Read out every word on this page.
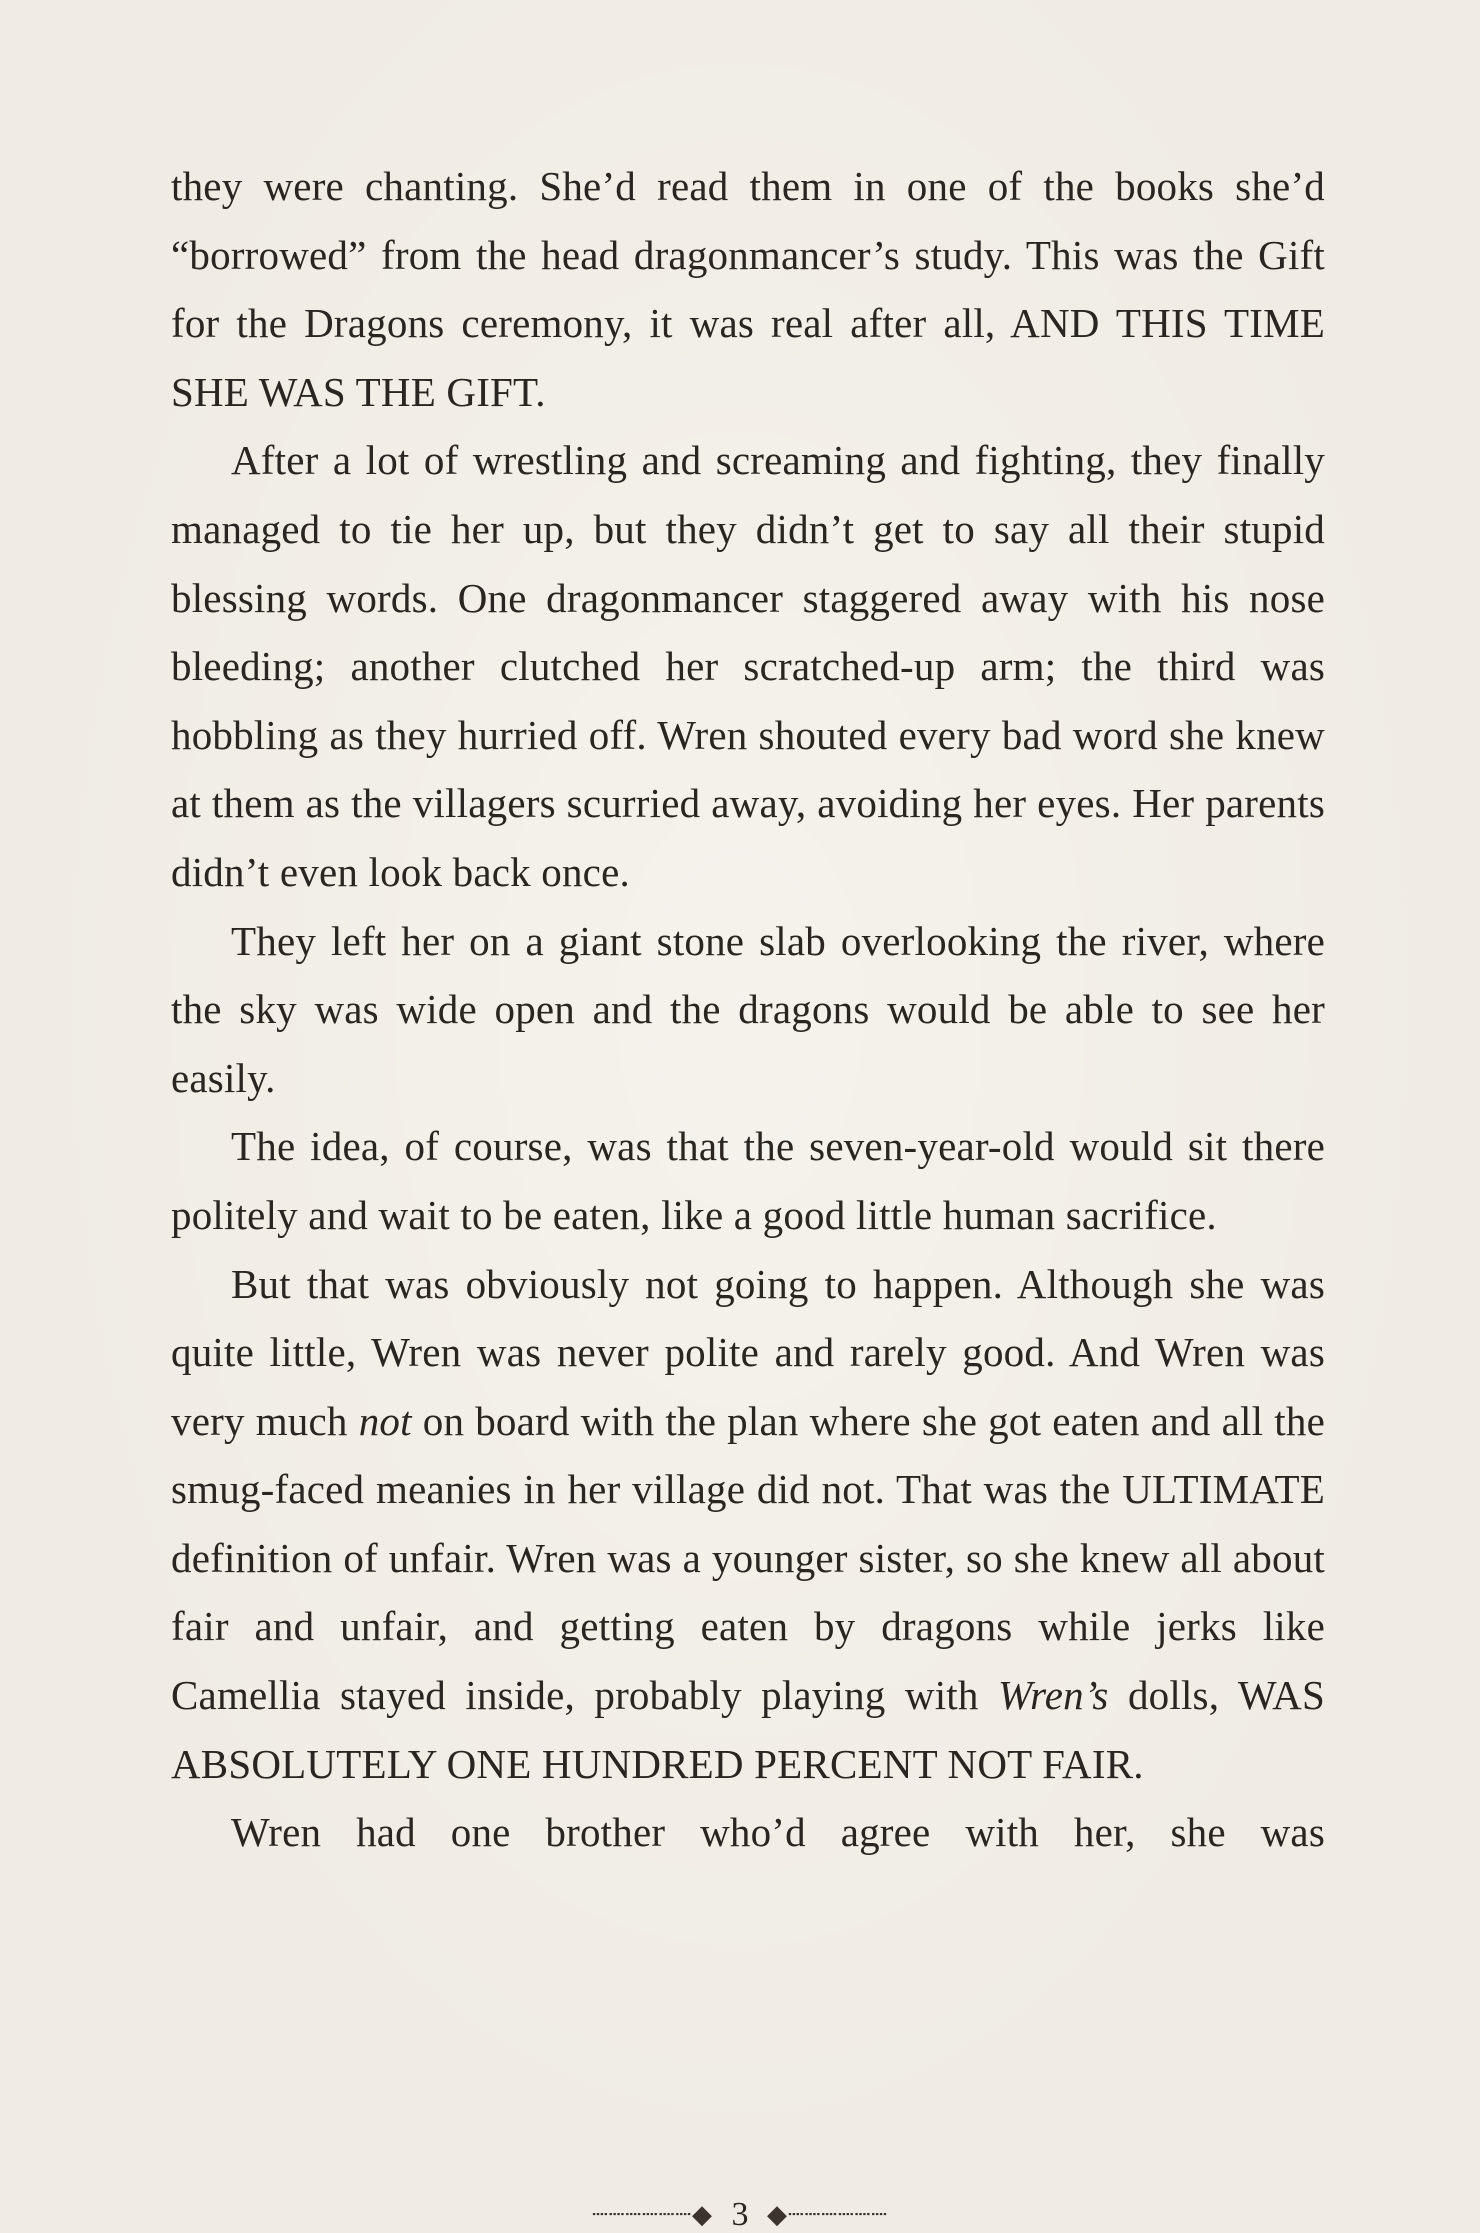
they were chanting. She’d read them in one of the books she’d “borrowed” from the head dragonmancer’s study. This was the Gift for the Dragons ceremony, it was real after all, AND THIS TIME SHE WAS THE GIFT.

After a lot of wrestling and screaming and fighting, they finally managed to tie her up, but they didn’t get to say all their stupid blessing words. One dragonmancer staggered away with his nose bleeding; another clutched her scratched-up arm; the third was hobbling as they hurried off. Wren shouted every bad word she knew at them as the villagers scurried away, avoiding her eyes. Her parents didn’t even look back once.

They left her on a giant stone slab overlooking the river, where the sky was wide open and the dragons would be able to see her easily.

The idea, of course, was that the seven-year-old would sit there politely and wait to be eaten, like a good little human sacrifice.

But that was obviously not going to happen. Although she was quite little, Wren was never polite and rarely good. And Wren was very much not on board with the plan where she got eaten and all the smug-faced meanies in her village did not. That was the ULTIMATE definition of unfair. Wren was a younger sister, so she knew all about fair and unfair, and getting eaten by dragons while jerks like Camellia stayed inside, probably playing with Wren’s dolls, WAS ABSOLUTELY ONE HUNDRED PERCENT NOT FAIR.

Wren had one brother who’d agree with her, she was

┈┈┈┈┈┈◆ 3 ◆┈┈┈┈┈┈
